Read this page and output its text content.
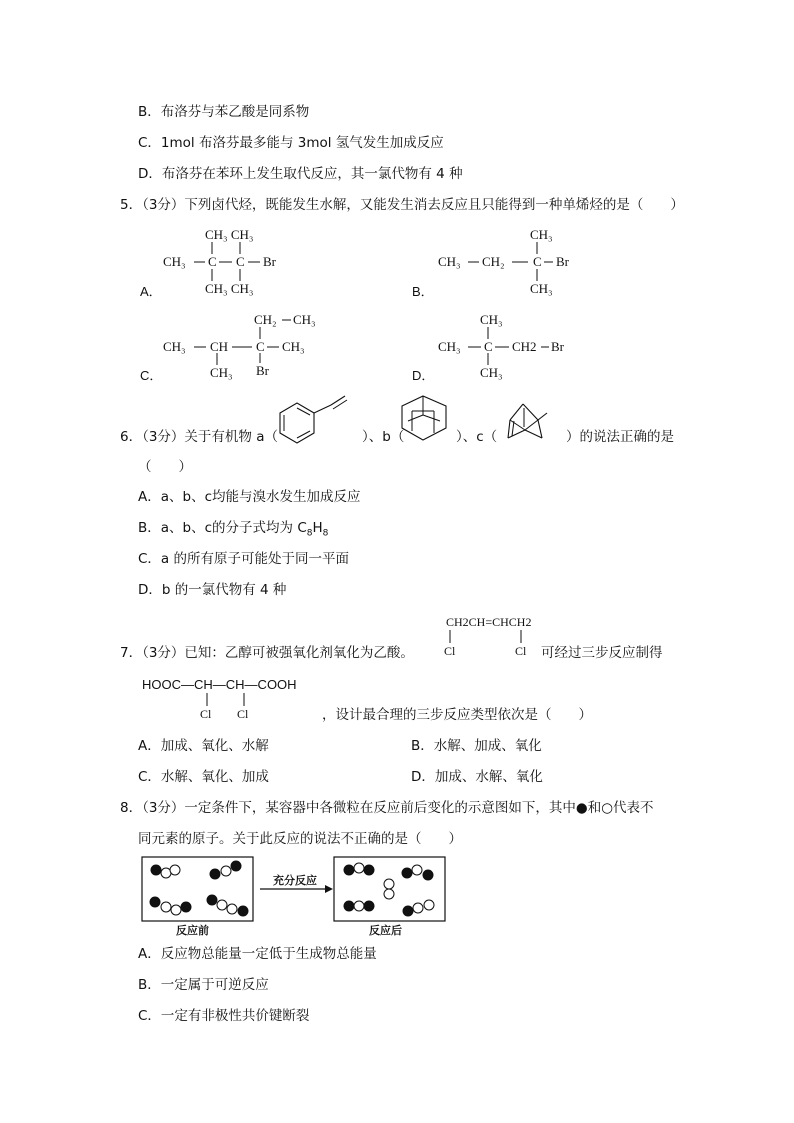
B．布洛芬与苯乙酸是同系物
C．1mol 布洛芬最多能与 3mol 氢气发生加成反应
D．布洛芬在苯环上发生取代反应，其一氯代物有 4 种
5．（3分）下列卤代烃，既能发生水解，又能发生消去反应且只能得到一种单烯烃的是（　　）
CH₃ CH₃
CH₃ C C Br
CH₃ CH₃
A．
CH₃
CH₃ CH₂ C Br
CH₃
B．
CH₂ CH₃
CH₃ CH C CH₃
CH₃ Br
C．
CH₃
CH₃ C CH2 Br
CH₃
D．
6．（3分）关于有机物 a（	）、b（	）、c（	）的说法正确的是
（　　）
A．a、b、c均能与溴水发生加成反应
B．a、b、c的分子式均为 $C_8H_8$
C．a 的所有原子可能处于同一平面
D．b 的一氯代物有 4 种
CH2CH=CHCH2
Cl	Cl
7．（3分）已知：乙醇可被强氧化剂氧化为乙酸。	可经过三步反应制得
HOOC—CH—CH—COOH
Cl Cl	，设计最合理的三步反应类型依次是（　　）
A．加成、氧化、水解	B．水解、加成、氧化
C．水解、氧化、加成	D．加成、水解、氧化
8．（3分）一定条件下，某容器中各微粒在反应前后变化的示意图如下，其中●和○代表不
同元素的原子。关于此反应的说法不正确的是（　　）
充分反应
反应前	反应后
A．反应物总能量一定低于生成物总能量
B．一定属于可逆反应
C．一定有非极性共价键断裂
